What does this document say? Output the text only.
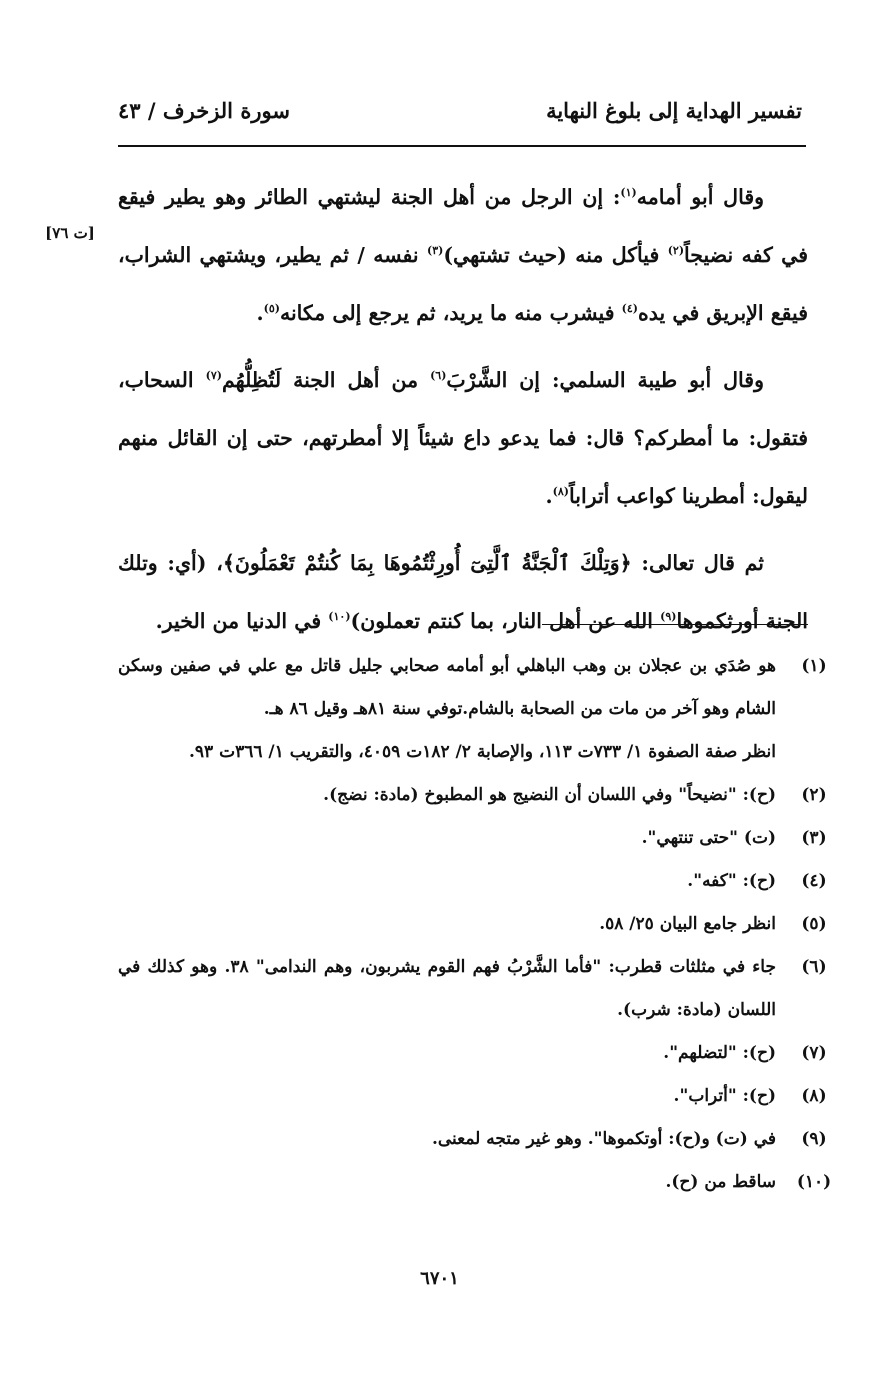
تفسير الهداية إلى بلوغ النهاية
سورة الزخرف / ٤٣
[ت ٧٦]

وقال أبو أمامه$^{(١)}$: إن الرجل من أهل الجنة ليشتهي الطائر وهو يطير فيقع في كفه نضيجاً$^{(٢)}$ فيأكل منه (حيث تشتهي)$^{(٣)}$ نفسه / ثم يطير، ويشتهي الشراب، فيقع الإبريق في يده$^{(٤)}$ فيشرب منه ما يريد، ثم يرجع إلى مكانه$^{(٥)}$.

وقال أبو طيبة السلمي: إن الشَّرْبَ$^{(٦)}$ من أهل الجنة لَتُظِلُّهُم$^{(٧)}$ السحاب، فتقول: ما أمطركم؟ قال: فما يدعو داع شيئاً إلا أمطرتهم، حتى إن القائل منهم ليقول: أمطرينا كواعب أتراباً$^{(٨)}$.

ثم قال تعالى: ﴿وَتِلْكَ ٱلْجَنَّةُ ٱلَّتِىٓ أُورِثْتُمُوهَا بِمَا كُنتُمْ تَعْمَلُونَ﴾، (أي: وتلك الجنة أورثكموها$^{(٩)}$ الله عن أهل النار، بما كنتم تعملون)$^{(١٠)}$ في الدنيا من الخير.

(١)
هو صُدَي بن عجلان بن وهب الباهلي أبو أمامه صحابي جليل قاتل مع علي في صفين وسكن الشام وهو آخر من مات من الصحابة بالشام.توفي سنة ٨١هـ وقيل ٨٦ هـ.
انظر صفة الصفوة ١/ ٧٣٣ت ١١٣، والإصابة ٢/ ١٨٢ت ٤٠٥٩، والتقريب ١/ ٣٦٦ت ٩٣.
(٢)
(ح): "نضيحاً" وفي اللسان أن النضيج هو المطبوخ (مادة: نضج).
(٣)
(ت) "حتى تنتهي".
(٤)
(ح): "كفه".
(٥)
انظر جامع البيان ٢٥/ ٥٨.
(٦)
جاء في مثلثات قطرب: "فأما الشَّرْبُ فهم القوم يشربون، وهم الندامى" ٣٨. وهو كذلك في اللسان (مادة: شرب).
(٧)
(ح): "لتضلهم".
(٨)
(ح): "أتراب".
(٩)
في (ت) و(ح): أوتكموها". وهو غير متجه لمعنى.
(١٠)
ساقط من (ح).
٦٧٠١
